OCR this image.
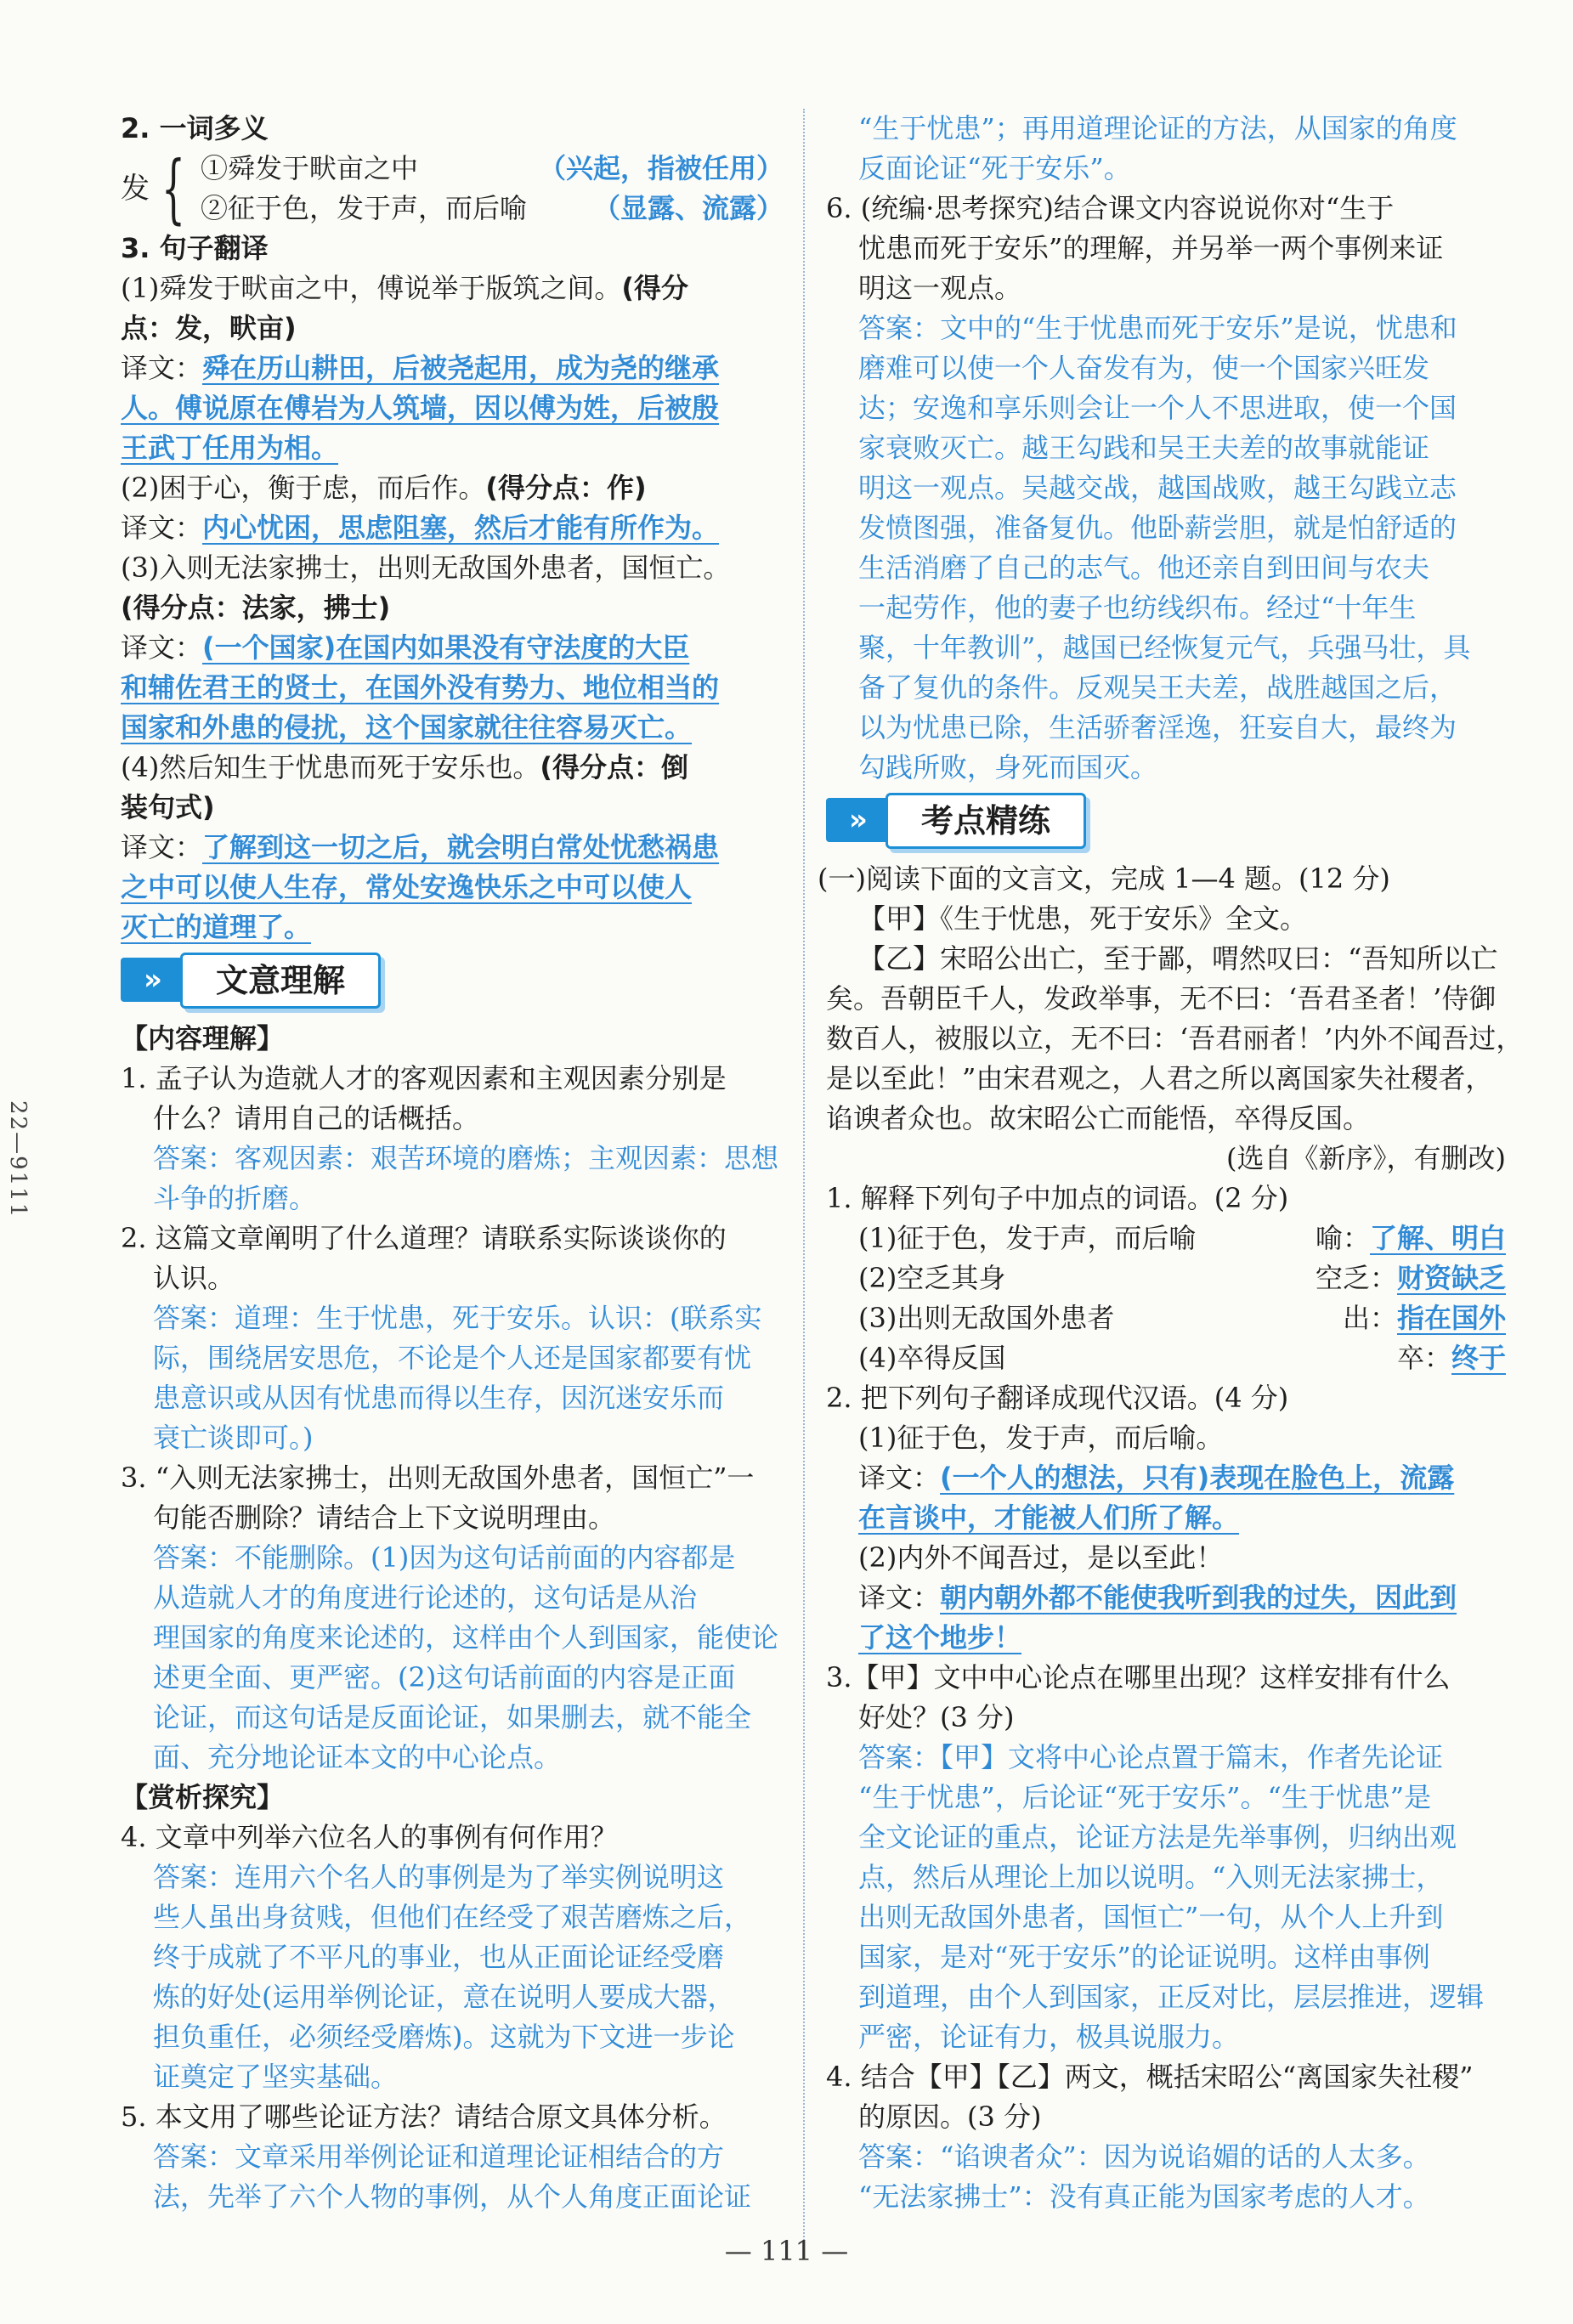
22—9111
2. 一词多义
发 { ①舜发于畎亩之中	（兴起，指被任用）
②征于色，发于声，而后喻 （显露、流露）
3. 句子翻译
(1)舜发于畎亩之中，傅说举于版筑之间。(得分
点：发，畎亩)
译文：舜在历山耕田，后被尧起用，成为尧的继承
人。傅说原在傅岩为人筑墙，因以傅为姓，后被殷
王武丁任用为相。
(2)困于心，衡于虑，而后作。(得分点：作)
译文：内心忧困，思虑阻塞，然后才能有所作为。
(3)入则无法家拂士，出则无敌国外患者，国恒亡。
(得分点：法家，拂士)
译文：(一个国家)在国内如果没有守法度的大臣
和辅佐君王的贤士，在国外没有势力、地位相当的
国家和外患的侵扰，这个国家就往往容易灭亡。
(4)然后知生于忧患而死于安乐也。(得分点：倒
装句式)
译文：了解到这一切之后，就会明白常处忧愁祸患
之中可以使人生存，常处安逸快乐之中可以使人
灭亡的道理了。
»	文意理解
【内容理解】
1. 孟子认为造就人才的客观因素和主观因素分别是
什么？请用自己的话概括。
答案：客观因素：艰苦环境的磨炼；主观因素：思想
斗争的折磨。
2. 这篇文章阐明了什么道理？请联系实际谈谈你的
认识。
答案：道理：生于忧患，死于安乐。认识：(联系实
际，围绕居安思危，不论是个人还是国家都要有忧
患意识或从因有忧患而得以生存，因沉迷安乐而
衰亡谈即可。)
3. “入则无法家拂士，出则无敌国外患者，国恒亡”一
句能否删除？请结合上下文说明理由。
答案：不能删除。(1)因为这句话前面的内容都是
从造就人才的角度进行论述的，这句话是从治
理国家的角度来论述的，这样由个人到国家，能使论
述更全面、更严密。(2)这句话前面的内容是正面
论证，而这句话是反面论证，如果删去，就不能全
面、充分地论证本文的中心论点。
【赏析探究】
4. 文章中列举六位名人的事例有何作用？
答案：连用六个名人的事例是为了举实例说明这
些人虽出身贫贱，但他们在经受了艰苦磨炼之后，
终于成就了不平凡的事业，也从正面论证经受磨
炼的好处(运用举例论证，意在说明人要成大器，
担负重任，必须经受磨炼)。这就为下文进一步论
证奠定了坚实基础。
5. 本文用了哪些论证方法？请结合原文具体分析。
答案：文章采用举例论证和道理论证相结合的方
法，先举了六个人物的事例，从个人角度正面论证
“生于忧患”；再用道理论证的方法，从国家的角度
反面论证“死于安乐”。
6. (统编·思考探究)结合课文内容说说你对“生于
忧患而死于安乐”的理解，并另举一两个事例来证
明这一观点。
答案：文中的“生于忧患而死于安乐”是说，忧患和
磨难可以使一个人奋发有为，使一个国家兴旺发
达；安逸和享乐则会让一个人不思进取，使一个国
家衰败灭亡。越王勾践和吴王夫差的故事就能证
明这一观点。吴越交战，越国战败，越王勾践立志
发愤图强，准备复仇。他卧薪尝胆，就是怕舒适的
生活消磨了自己的志气。他还亲自到田间与农夫
一起劳作，他的妻子也纺线织布。经过“十年生
聚，十年教训”，越国已经恢复元气，兵强马壮，具
备了复仇的条件。反观吴王夫差，战胜越国之后，
以为忧患已除，生活骄奢淫逸，狂妄自大，最终为
勾践所败，身死而国灭。
»	考点精练
(一)阅读下面的文言文，完成 1—4 题。(12 分)
【甲】《生于忧患，死于安乐》全文。
【乙】宋昭公出亡，至于鄙，喟然叹曰：“吾知所以亡
矣。吾朝臣千人，发政举事，无不曰：‘吾君圣者！’侍御
数百人，被服以立，无不曰：‘吾君丽者！’内外不闻吾过，
是以至此！”由宋君观之，人君之所以离国家失社稷者，
谄谀者众也。故宋昭公亡而能悟，卒得反国。
(选自《新序》，有删改)
1. 解释下列句子中加点的词语。(2 分)
(1)征于色，发于声，而后喻	喻：了解、明白
(2)空乏其身	空乏：财资缺乏
(3)出则无敌国外患者	出：指在国外
(4)卒得反国	卒：终于
2. 把下列句子翻译成现代汉语。(4 分)
(1)征于色，发于声，而后喻。
译文：(一个人的想法，只有)表现在脸色上，流露
在言谈中，才能被人们所了解。
(2)内外不闻吾过，是以至此！
译文：朝内朝外都不能使我听到我的过失，因此到
了这个地步！
3.【甲】文中中心论点在哪里出现？这样安排有什么
好处？(3 分)
答案：【甲】文将中心论点置于篇末，作者先论证
“生于忧患”，后论证“死于安乐”。“生于忧患”是
全文论证的重点，论证方法是先举事例，归纳出观
点，然后从理论上加以说明。“入则无法家拂士，
出则无敌国外患者，国恒亡”一句，从个人上升到
国家，是对“死于安乐”的论证说明。这样由事例
到道理，由个人到国家，正反对比，层层推进，逻辑
严密，论证有力，极具说服力。
4. 结合【甲】【乙】两文，概括宋昭公“离国家失社稷”
的原因。(3 分)
答案：“谄谀者众”：因为说谄媚的话的人太多。
“无法家拂士”：没有真正能为国家考虑的人才。
— 111 —
